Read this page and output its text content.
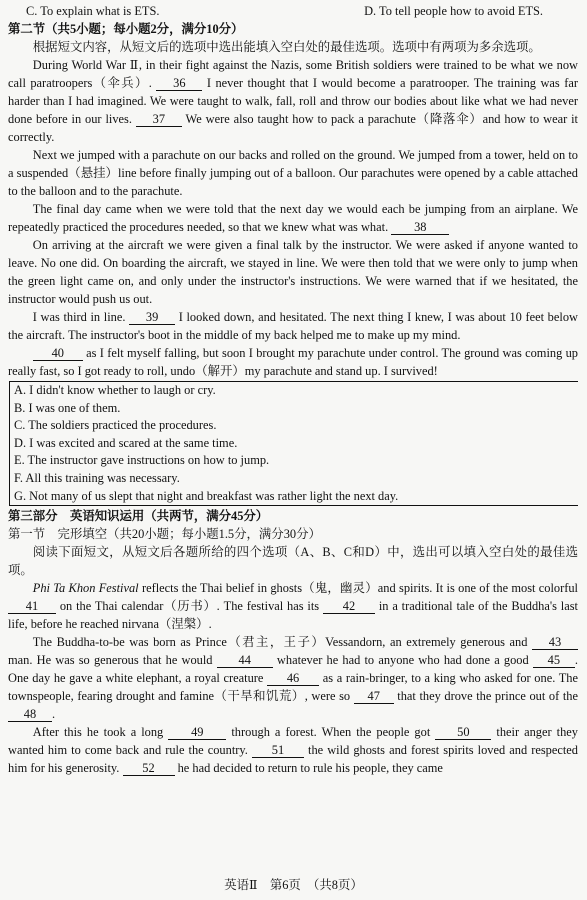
C. To explain what is ETS.	D. To tell people how to avoid ETS.
第二节（共5小题；每小题2分，满分10分）

根据短文内容，从短文后的选项中选出能填入空白处的最佳选项。选项中有两项为多余选项。

During World War Ⅱ, in their fight against the Nazis, some British soldiers were trained to be what we now call paratroopers（伞兵）. 36 I never thought that I would become a paratrooper. The training was far harder than I had imagined. We were taught to walk, fall, roll and throw our bodies about like what we had never done before in our lives. 37 We were also taught how to pack a parachute（降落伞）and how to wear it correctly.

Next we jumped with a parachute on our backs and rolled on the ground. We jumped from a tower, held on to a suspended（悬挂）line before finally jumping out of a balloon. Our parachutes were opened by a cable attached to the balloon and to the parachute.

The final day came when we were told that the next day we would each be jumping from an airplane. We repeatedly practiced the procedures needed, so that we knew what was what. 38

On arriving at the aircraft we were given a final talk by the instructor. We were asked if anyone wanted to leave. No one did. On boarding the aircraft, we stayed in line. We were then told that we were only to jump when the green light came on, and only under the instructor's instructions. We were warned that if we hesitated, the instructor would push us out.

I was third in line. 39 I looked down, and hesitated. The next thing I knew, I was about 10 feet below the aircraft. The instructor's boot in the middle of my back helped me to make up my mind.

40 as I felt myself falling, but soon I brought my parachute under control. The ground was coming up really fast, so I got ready to roll, undo（解开）my parachute and stand up. I survived!

A. I didn't know whether to laugh or cry.
B. I was one of them.
C. The soldiers practiced the procedures.
D. I was excited and scared at the same time.
E. The instructor gave instructions on how to jump.
F. All this training was necessary.
G. Not many of us slept that night and breakfast was rather light the next day.
第三部分　英语知识运用（共两节，满分45分）
第一节　完形填空（共20小题；每小题1.5分，满分30分）

阅读下面短文，从短文后各题所给的四个选项（A、B、C和D）中，选出可以填入空白处的最佳选项。

Phi Ta Khon Festival reflects the Thai belief in ghosts（鬼，幽灵）and spirits. It is one of the most colorful 41 on the Thai calendar（历书）. The festival has its 42 in a traditional tale of the Buddha's last life, before he reached nirvana（涅槃）.

The Buddha-to-be was born as Prince（君主，王子）Vessandorn, an extremely generous and 43 man. He was so generous that he would 44 whatever he had to anyone who had done a good 45 . One day he gave a white elephant, a royal creature 46 as a rain-bringer, to a king who asked for one. The townspeople, fearing drought and famine（干旱和饥荒）, were so 47 that they drove the prince out of the 48 .

After this he took a long 49 through a forest. When the people got 50 their anger they wanted him to come back and rule the country. 51 the wild ghosts and forest spirits loved and respected him for his generosity. 52 he had decided to return to rule his people, they came

英语Ⅱ　第6页　（共8页）
